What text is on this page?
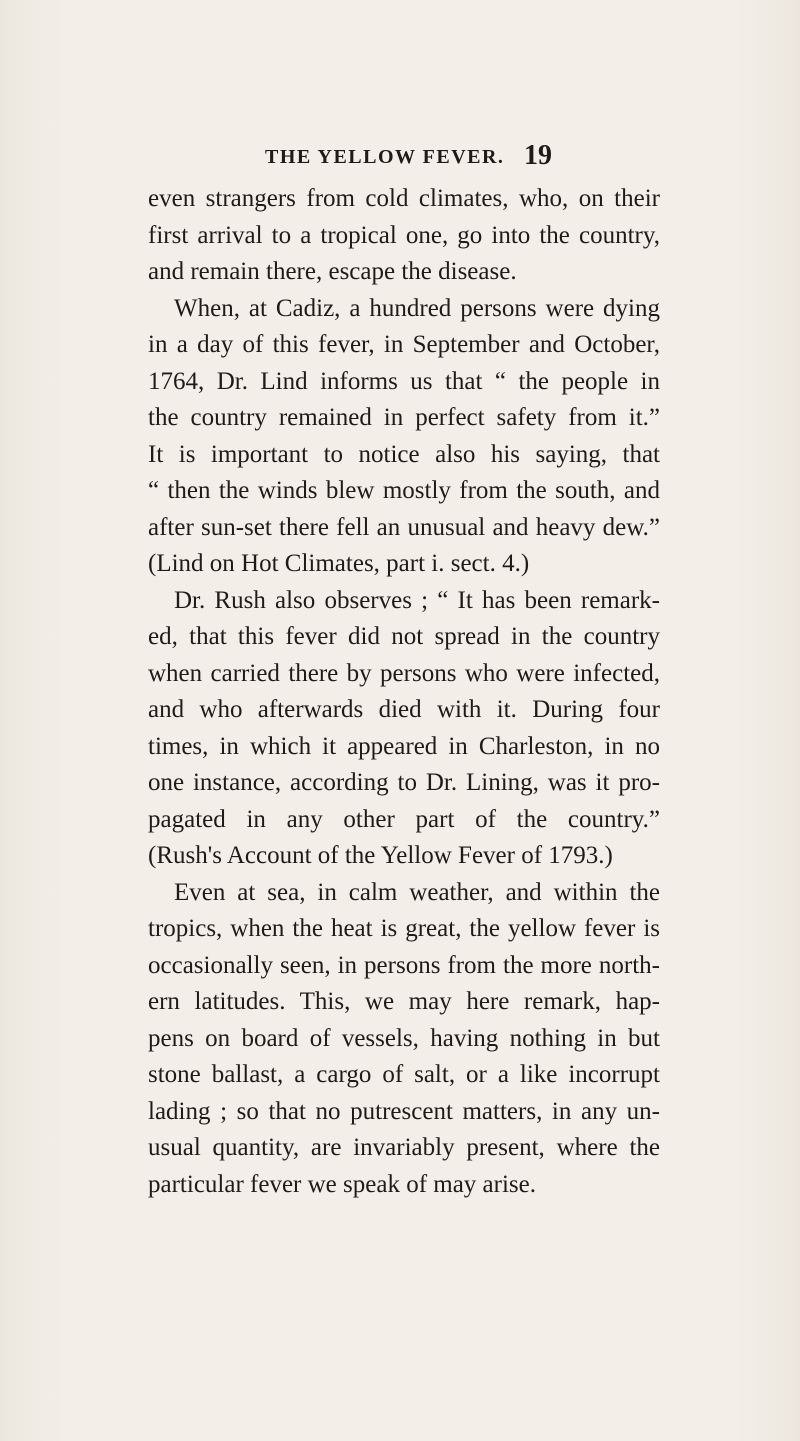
THE YELLOW FEVER. 19
even strangers from cold climates, who, on their
first arrival to a tropical one, go into the country,
and remain there, escape the disease.
When, at Cadiz, a hundred persons were dying
in a day of this fever, in September and October,
1764, Dr. Lind informs us that “ the people in
the country remained in perfect safety from it.”
It is important to notice also his saying, that
“ then the winds blew mostly from the south, and
after sun-set there fell an unusual and heavy dew.”
(Lind on Hot Climates, part i. sect. 4.)
Dr. Rush also observes ; “ It has been remark-
ed, that this fever did not spread in the country
when carried there by persons who were infected,
and who afterwards died with it. During four
times, in which it appeared in Charleston, in no
one instance, according to Dr. Lining, was it pro-
pagated in any other part of the country.”
(Rush's Account of the Yellow Fever of 1793.)
Even at sea, in calm weather, and within the
tropics, when the heat is great, the yellow fever is
occasionally seen, in persons from the more north-
ern latitudes. This, we may here remark, hap-
pens on board of vessels, having nothing in but
stone ballast, a cargo of salt, or a like incorrupt
lading ; so that no putrescent matters, in any un-
usual quantity, are invariably present, where the
particular fever we speak of may arise.
